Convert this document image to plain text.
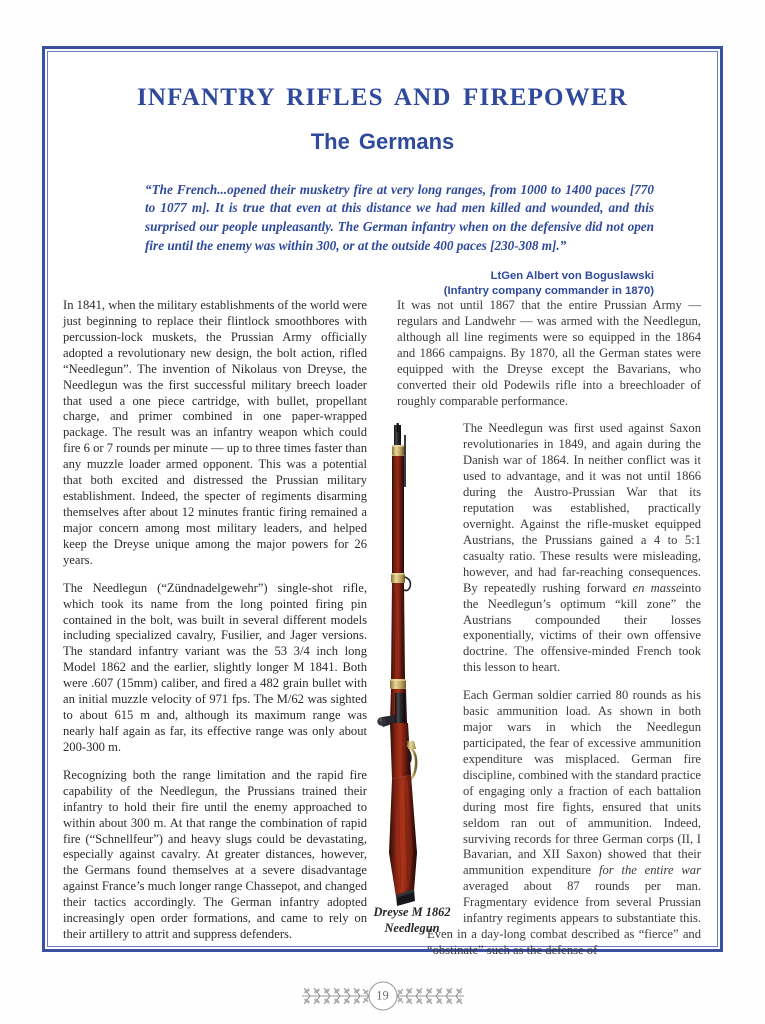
INFANTRY RIFLES AND FIREPOWER
The Germans
“The French...opened their musketry fire at very long ranges, from 1000 to 1400 paces [770 to 1077 m]. It is true that even at this distance we had men killed and wounded, and this surprised our people unpleasantly. The German infantry when on the defensive did not open fire until the enemy was within 300, or at the outside 400 paces [230-308 m].”
LtGen Albert von Boguslawski
(Infantry company commander in 1870)

In 1841, when the military establishments of the world were just beginning to replace their flintlock smoothbores with percussion-lock muskets, the Prussian Army officially adopted a revolutionary new design, the bolt action, rifled “Needlegun”. The invention of Nikolaus von Dreyse, the Needlegun was the first successful military breech loader that used a one piece cartridge, with bullet, propellant charge, and primer combined in one paper-wrapped package. The result was an infantry weapon which could fire 6 or 7 rounds per minute — up to three times faster than any muzzle loader armed opponent. This was a potential that both excited and distressed the Prussian military establishment. Indeed, the specter of regiments disarming themselves after about 12 minutes frantic firing remained a major concern among most military leaders, and helped keep the Dreyse unique among the major powers for 26 years.

The Needlegun (“Zündnadelgewehr”) single-shot rifle, which took its name from the long pointed firing pin contained in the bolt, was built in several different models including specialized cavalry, Fusilier, and Jager versions. The standard infantry variant was the 53 3/4 inch long Model 1862 and the earlier, slightly longer M 1841. Both were .607 (15mm) caliber, and fired a 482 grain bullet with an initial muzzle velocity of 971 fps. The M/62 was sighted to about 615 m and, although its maximum range was nearly half again as far, its effective range was only about 200-300 m.

Recognizing both the range limitation and the rapid fire capability of the Needlegun, the Prussians trained their infantry to hold their fire until the enemy approached to within about 300 m. At that range the combination of rapid fire (“Schnellfeur”) and heavy slugs could be devastating, especially against cavalry. At greater distances, however, the Germans found themselves at a severe disadvantage against France’s much longer range Chassepot, and changed their tactics accordingly. The German infantry adopted increasingly open order formations, and came to rely on their artillery to attrit and suppress defenders.

It was not until 1867 that the entire Prussian Army — regulars and Landwehr — was armed with the Needlegun, although all line regiments were so equipped in the 1864 and 1866 campaigns. By 1870, all the German states were equipped with the Dreyse except the Bavarians, who converted their old Podewils rifle into a breechloader of roughly comparable performance.

The Needlegun was first used against Saxon revolutionaries in 1849, and again during the Danish war of 1864. In neither conflict was it used to advantage, and it was not until 1866 during the Austro-Prussian War that its reputation was established, practically overnight. Against the rifle-musket equipped Austrians, the Prussians gained a 4 to 5:1 casualty ratio. These results were misleading, however, and had far-reaching consequences. By repeatedly rushing forward en masseinto the Needlegun’s optimum “kill zone” the Austrians compounded their losses exponentially, victims of their own offensive doctrine. The offensive-minded French took this lesson to heart.

Each German soldier carried 80 rounds as his basic ammunition load. As shown in both major wars in which the Needlegun participated, the fear of excessive ammunition expenditure was misplaced. German fire discipline, combined with the standard practice of engaging only a fraction of each battalion during most fire fights, ensured that units seldom ran out of ammunition. Indeed, surviving records for three German corps (II, I Bavarian, and XII Saxon) showed that their ammunition expenditure for the entire war averaged about 87 rounds per man. Fragmentary evidence from several Prussian infantry regiments appears to substantiate this. Even in a day-long combat described as “fierce” and “obstinate” such as the defense of

Dreyse M 1862
Needlegun
19
